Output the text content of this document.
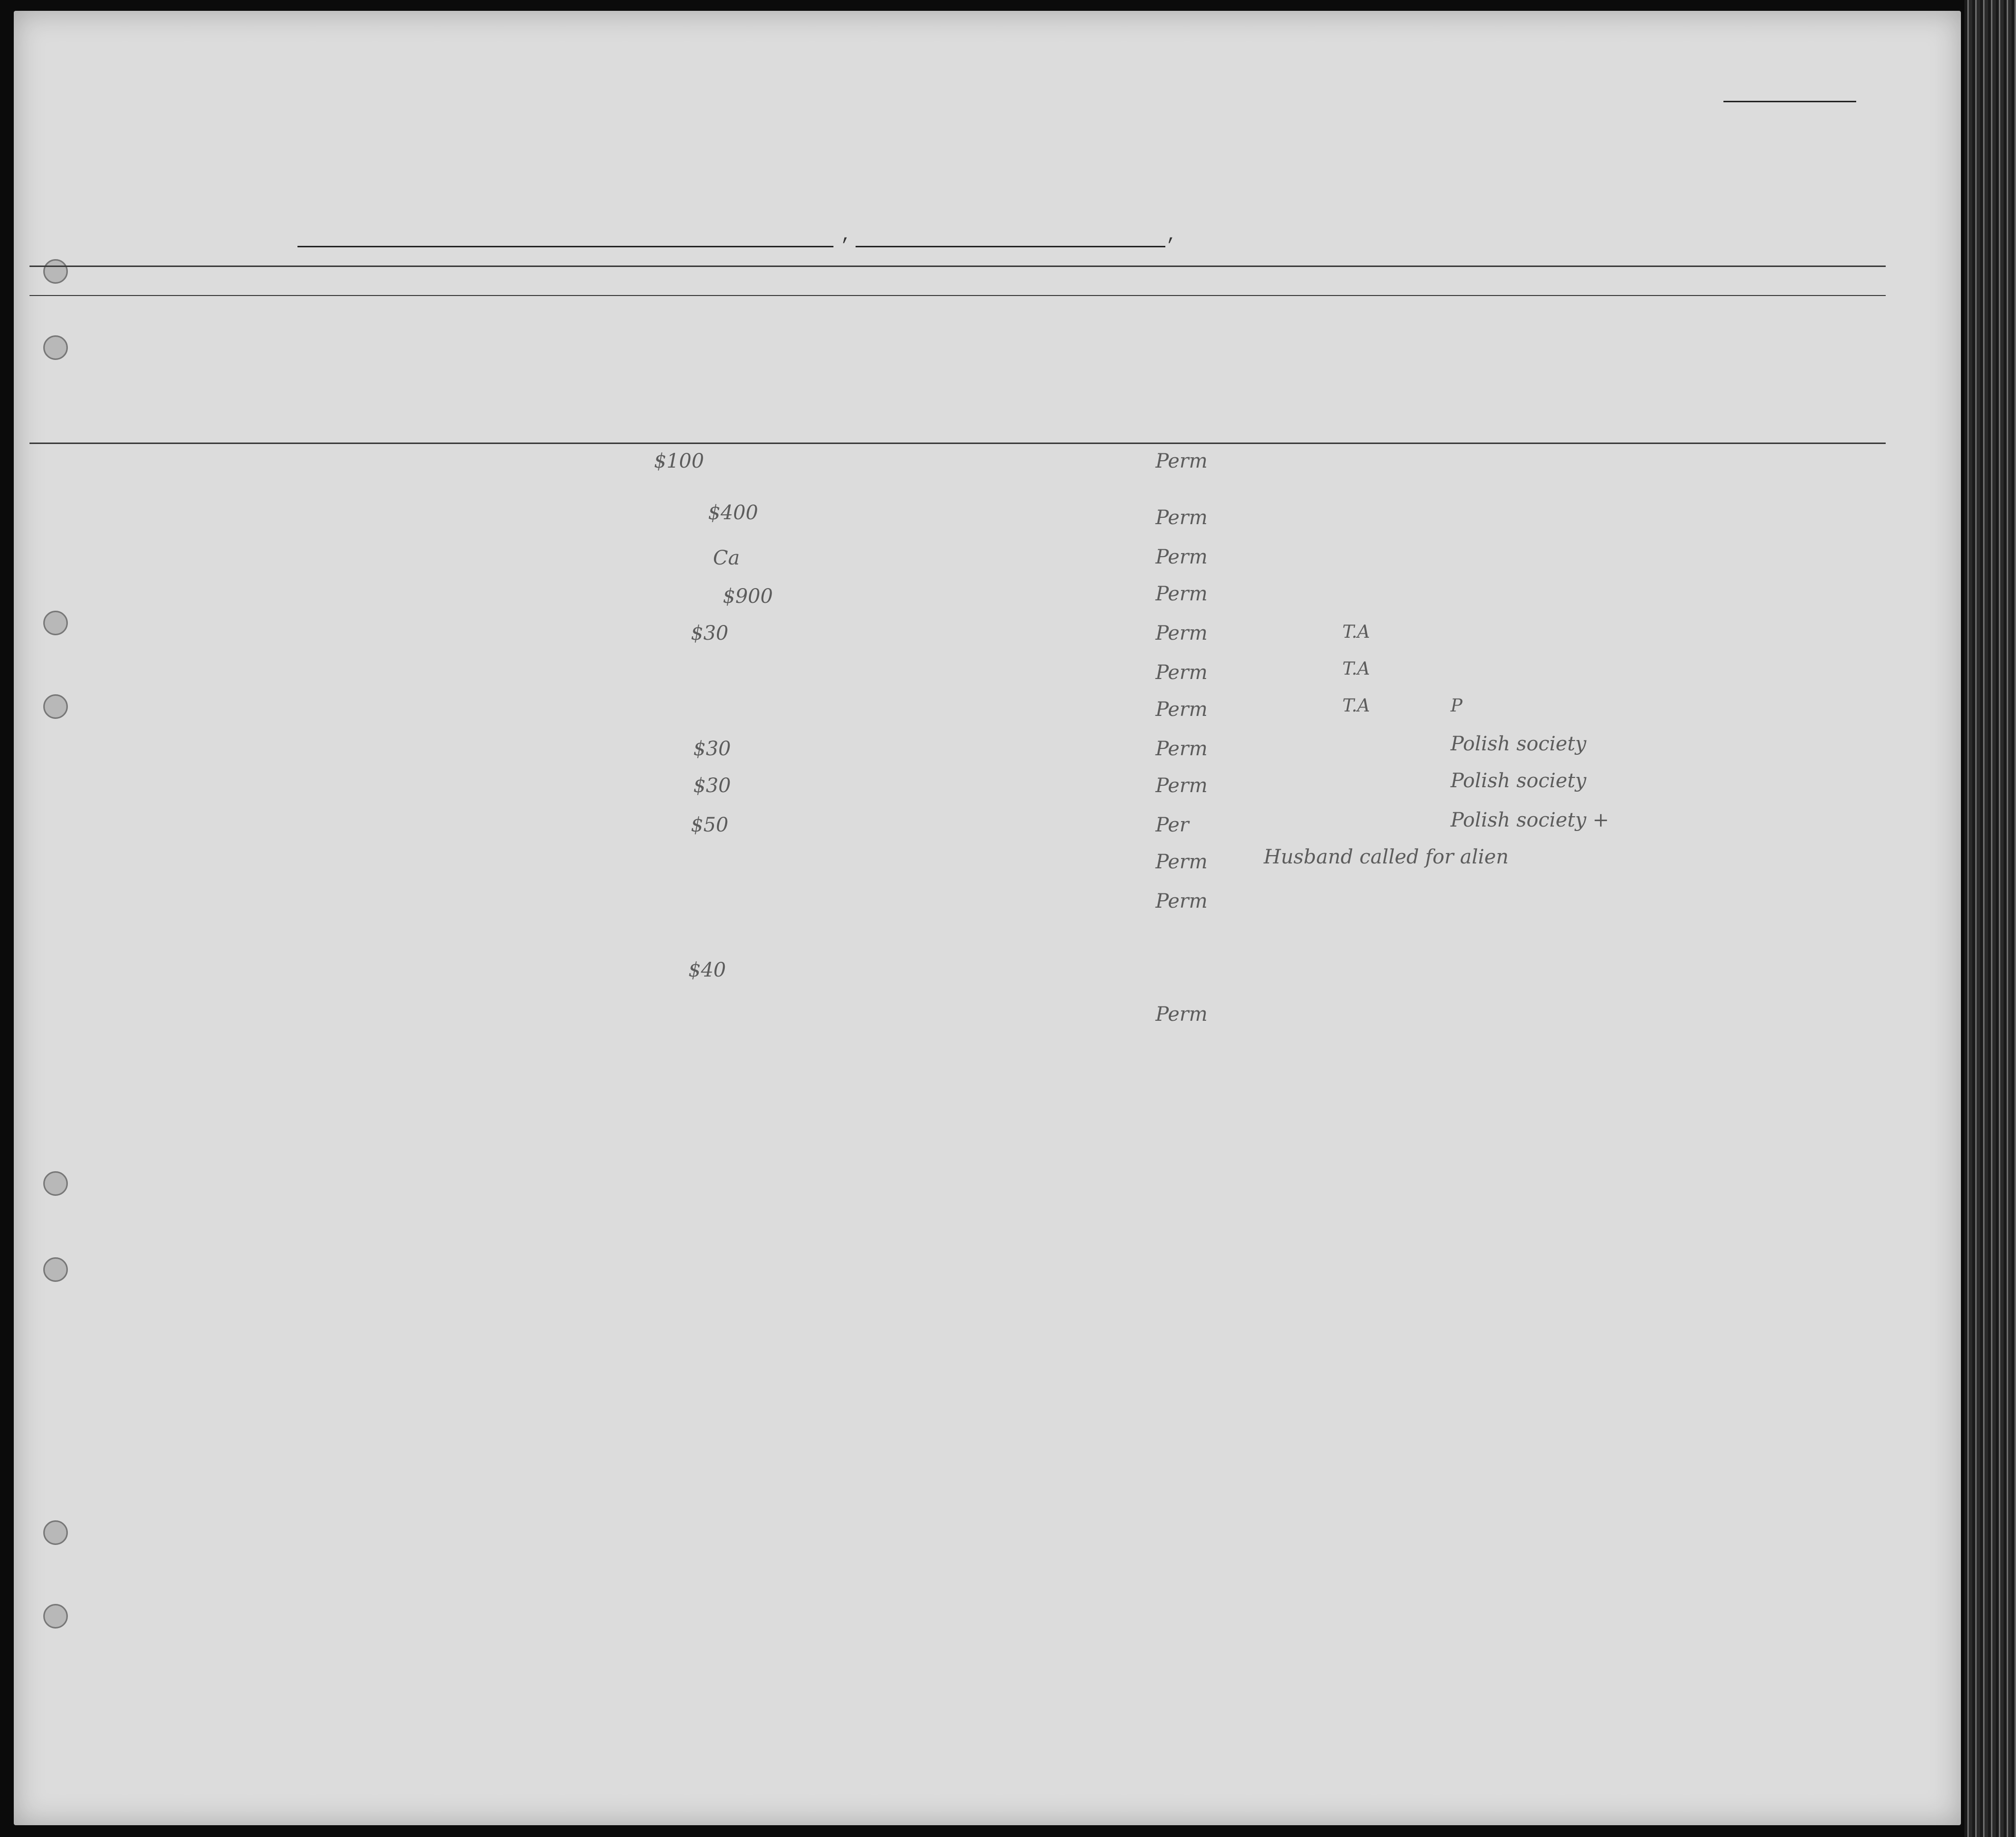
,	,
Perm
Perm
Perm
Perm
Perm
Perm
Perm
Perm
Perm
Per
Perm
Perm
Perm
$100
$400
Ca
$900
$30
$30
$30
$50
$40
T.A
T.A
T.A	P
Polish society
Polish society
Polish society +
Husband called for alien
